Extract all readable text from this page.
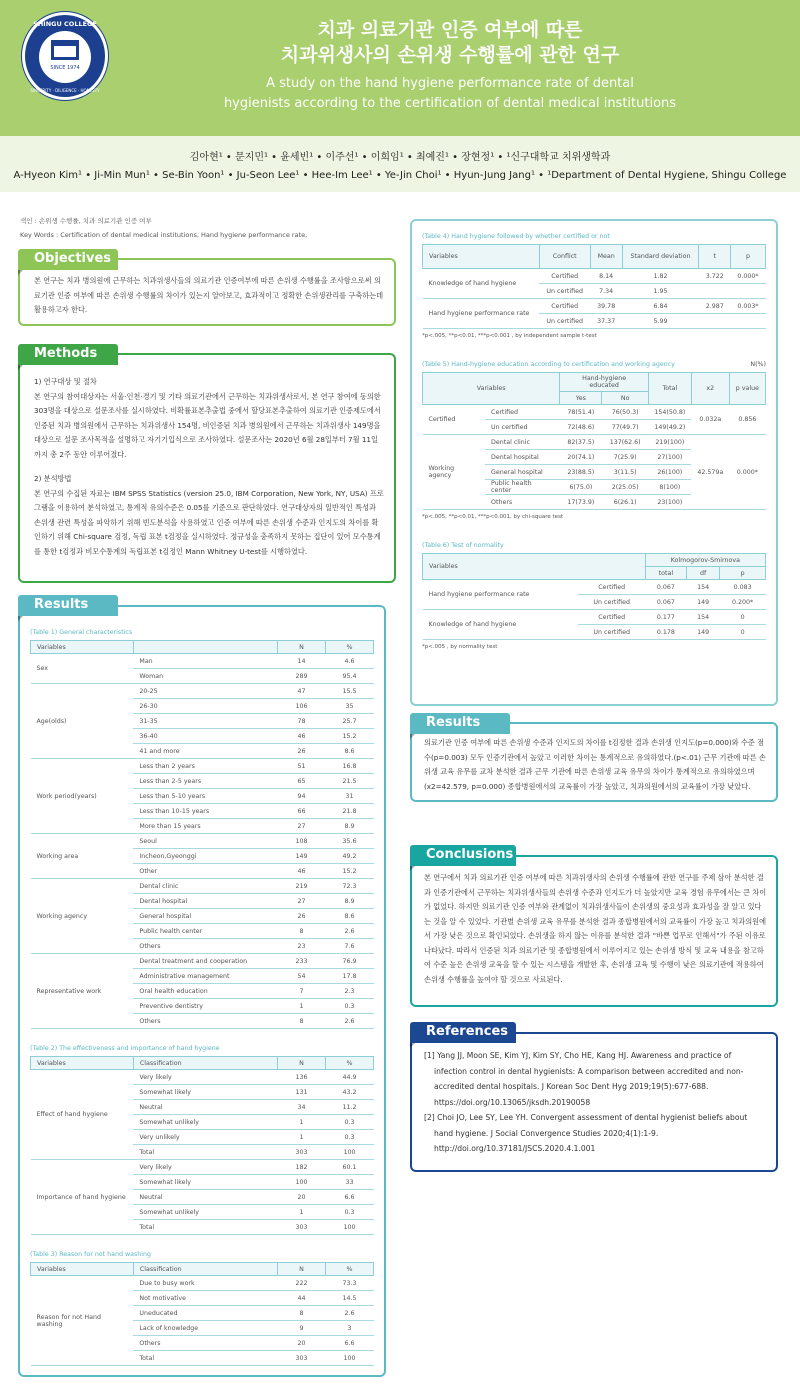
SHINGU COLLEGE
SINCE 1974
SINCERITY · DILIGENCE · HONESTY
치과 의료기관 인증 여부에 따른
치과위생사의 손위생 수행률에 관한 연구
A study on the hand hygiene performance rate of dental
hygienists according to the certification of dental medical institutions
김아현¹ • 문지민¹ • 윤세빈¹ • 이주선¹ • 이희임¹ • 최예진¹ • 장현정¹ • ¹신구대학교 치위생학과
A-Hyeon Kim¹ • Ji-Min Mun¹ • Se-Bin Yoon¹ • Ju-Seon Lee¹ • Hee-Im Lee¹ • Ye-Jin Choi¹ • Hyun-Jung Jang¹ • ¹Department of Dental Hygiene, Shingu College
색인 : 손위생 수행률, 치과 의료기관 인증 여부
Key Words : Certification of dental medical institutions, Hand hygiene performance rate,
본 연구는 치과 병의원에 근무하는 치과위생사들의 의료기관 인증여부에 따른 손위생 수행률을 조사함으로써 의료기관 인증 여부에 따른 손위생 수행률의 차이가 있는지 알아보고, 효과적이고 정확한 손위생관리를 구축하는데 활용하고자 한다.
Objectives
1) 연구대상 및 절차
본 연구의 참여대상자는 서울·인천·경기 및 기타 의료기관에서 근무하는 치과위생사로서, 본 연구 참여에 동의한 303명을 대상으로 설문조사를 실시하였다. 비확률표본추출법 중에서 할당표본추출하여 의료기관 인증제도에서 인증된 치과 병의원에서 근무하는 치과위생사 154명, 비인증된 치과 병의원에서 근무하는 치과위생사 149명을 대상으로 설문 조사목적을 설명하고 자기기입식으로 조사하였다. 설문조사는 2020년 6월 28일부터 7월 11일까지 총 2주 동안 이루어졌다.
2) 분석방법
본 연구의 수집된 자료는 IBM SPSS Statistics (version 25.0, IBM Corporation, New York, NY, USA) 프로그램을 이용하여 분석하였고, 통계적 유의수준은 0.05를 기준으로 판단하였다. 연구대상자의 일반적인 특성과 손위생 관련 특성을 파악하기 위해 빈도분석을 사용하였고 인증 여부에 따른 손위생 수준과 인지도의 차이를 확인하기 위해 Chi-square 검정, 독립 표본 t검정을 실시하였다. 정규성을 충족하지 못하는 집단이 있어 모수통계를 통한 t검정과 비모수통계의 독립표본 t검정인 Mann Whitney U-test를 시행하였다.
Methods
(Table 1) General characteristics
Variables		N	%
Sex	Man	14	4.6
	Woman	289	95.4
Age(olds)	20-25	47	15.5
	26-30	106	35
	31-35	78	25.7
	36-40	46	15.2
	41 and more	26	8.6
Work period(years)	Less than 2 years	51	16.8
	Less than 2-5 years	65	21.5
	Less than 5-10 years	94	31
	Less than 10-15 years	66	21.8
	More than 15 years	27	8.9
Working area	Seoul	108	35.6
	Incheon,Gyeonggi	149	49.2
	Other	46	15.2
Working agency	Dental clinic	219	72.3
	Dental hospital	27	8.9
	General hospital	26	8.6
	Public health center	8	2.6
	Others	23	7.6
Representative work	Dental treatment and cooperation	233	76.9
	Administrative management	54	17.8
	Oral health education	7	2.3
	Preventive dentistry	1	0.3
	Others	8	2.6
(Table 2) The effectiveness and importance of hand hygiene
Variables	Classification	N	%
Effect of hand hygiene	Very likely	136	44.9
	Somewhat likely	131	43.2
	Neutral	34	11.2
	Somewhat unlikely	1	0.3
	Very unlikely	1	0.3
	Total	303	100
Importance of hand hygiene	Very likely	182	60.1
	Somewhat likely	100	33
	Neutral	20	6.6
	Somewhat unlikely	1	0.3
	Total	303	100
(Table 3) Reason for not hand washing
Variables	Classification	N	%
Reason for not Hand washing	Due to busy work	222	73.3
	Not motivative	44	14.5
	Uneducated	8	2.6
	Lack of knowledge	9	3
	Others	20	6.6
	Total	303	100
Results
(Table 4) Hand hygiene followed by whether certified or not
Variables	Conflict	Mean	Standard deviation	t	p
Knowledge of hand hygiene	Certified	8.14	1.82	3.722	0.000*
	Un certified	7.34	1.95		
Hand hygiene performance rate	Certified	39.78	6.84	2.987	0.003*
	Un certified	37.37	5.99		
*p<.005, **p<0.01, ***p<0.001 , by independent sample t-test
(Table 5) Hand-hygiene education according to certification and working agency	N(%)
Variables		Hand-hygiene educated		Total	x2	p value
		Yes	No			
Certified	Certified	78(51.4)	76(50.3)	154(50.8)	0.032a	0.856
	Un certified	72(48.6)	77(49.7)	149(49.2)		
Working agency	Dental clinic	82(37.5)	137(62.6)	219(100)	42.579a	0.000*
	Dental hospital	20(74.1)	7(25.9)	27(100)		
	General hospital	23(88.5)	3(11.5)	26(100)		
	Public health center	6(75.0)	2(25.05)	8(100)		
	Others	17(73.9)	6(26.1)	23(100)		
*p<.005, **p<0.01, ***p<0.001, by chi-square test
(Table 6) Test of normality
Variables		Kolmogorov-Smirnova		
		total	df	p
Hand hygiene performance rate	Certified	0.067	154	0.083
	Un certified	0.067	149	0.200*
Knowledge of hand hygiene	Certified	0.177	154	0
	Un certified	0.178	149	0
*p<.005 , by normality test
의료기관 인증 여부에 따른 손위생 수준과 인지도의 차이를 t검정한 결과 손위생 인지도(p=0.000)와 수준 점수(p=0.003) 모두 인증기관에서 높았고 이러한 차이는 통계적으로 유의하였다.(p<.01) 근무 기관에 따른 손위생 교육 유무를 교차 분석한 결과 근무 기관에 따른 손위생 교육 유무의 차이가 통계적으로 유의하였으며(x2=42.579, p=0.000) 종합병원에서의 교육률이 가장 높았고, 치과의원에서의 교육률이 가장 낮았다.
Results
본 연구에서 치과 의료기관 인증 여부에 따른 치과위생사의 손위생 수행률에 관한 연구를 주제 삼아 분석한 결과 인증기관에서 근무하는 치과위생사들의 손위생 수준과 인지도가 더 높았지만 교육 경험 유무에서는 큰 차이가 없었다. 하지만 의료기관 인증 여부와 관계없이 치과위생사들이 손위생의 중요성과 효과성을 잘 알고 있다는 것을 알 수 있었다. 기관별 손위생 교육 유무를 분석한 결과 종합병원에서의 교육률이 가장 높고 치과의원에서 가장 낮은 것으로 확인되었다. 손위생을 하지 않는 이유를 분석한 결과 "바쁜 업무로 인해서"가 주된 이유로 나타났다. 따라서 인증된 치과 의료기관 및 종합병원에서 이루어지고 있는 손위생 방식 및 교육 내용을 참고하여 수준 높은 손위생 교육을 할 수 있는 시스템을 개발한 후, 손위생 교육 및 수행이 낮은 의료기관에 적용하여 손위생 수행률을 높여야 할 것으로 사료된다.
Conclusions
[1] Yang JJ, Moon SE, Kim YJ, Kim SY, Cho HE, Kang HJ. Awareness and practice of infection control in dental hygienists: A comparison between accredited and non-accredited dental hospitals. J Korean Soc Dent Hyg 2019;19(5):677-688. https://doi.org/10.13065/jksdh.20190058
[2] Choi JO, Lee SY, Lee YH. Convergent assessment of dental hygienist beliefs about hand hygiene. J Social Convergence Studies 2020;4(1):1-9. http://doi.org/10.37181/JSCS.2020.4.1.001
References
